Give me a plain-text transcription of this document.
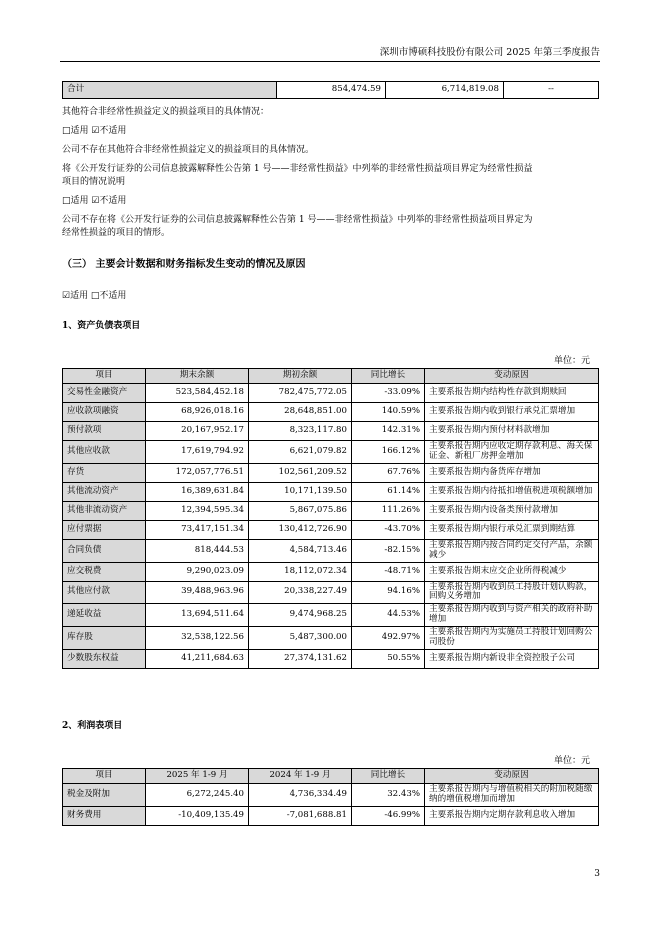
深圳市博硕科技股份有限公司 2025 年第三季度报告
合计	854,474.59	6,714,819.08	--
其他符合非经常性损益定义的损益项目的具体情况：
□适用 ☑不适用
公司不存在其他符合非经常性损益定义的损益项目的具体情况。
将《公开发行证券的公司信息披露解释性公告第 1 号——非经常性损益》中列举的非经常性损益项目界定为经常性损益
项目的情况说明
□适用 ☑不适用
公司不存在将《公开发行证券的公司信息披露解释性公告第 1 号——非经常性损益》中列举的非经常性损益项目界定为
经常性损益的项目的情形。
（三） 主要会计数据和财务指标发生变动的情况及原因
☑适用 □不适用
1、资产负债表项目
单位：元
项目	期末余额	期初余额	同比增长	变动原因
交易性金融资产	523,584,452.18	782,475,772.05	-33.09%	主要系报告期内结构性存款到期赎回
应收款项融资	68,926,018.16	28,648,851.00	140.59%	主要系报告期内收到银行承兑汇票增加
预付款项	20,167,952.17	8,323,117.80	142.31%	主要系报告期内预付材料款增加
其他应收款	17,619,794.92	6,621,079.82	166.12%	主要系报告期内应收定期存款利息、海关保证金、新租厂房押金增加
存货	172,057,776.51	102,561,209.52	67.76%	主要系报告期内备货库存增加
其他流动资产	16,389,631.84	10,171,139.50	61.14%	主要系报告期内待抵扣增值税进项税额增加
其他非流动资产	12,394,595.34	5,867,075.86	111.26%	主要系报告期内设备类预付款增加
应付票据	73,417,151.34	130,412,726.90	-43.70%	主要系报告期内银行承兑汇票到期结算
合同负债	818,444.53	4,584,713.46	-82.15%	主要系报告期内按合同约定交付产品，余额减少
应交税费	9,290,023.09	18,112,072.34	-48.71%	主要系报告期末应交企业所得税减少
其他应付款	39,488,963.96	20,338,227.49	94.16%	主要系报告期内收到员工持股计划认购款，回购义务增加
递延收益	13,694,511.64	9,474,968.25	44.53%	主要系报告期内收到与资产相关的政府补助增加
库存股	32,538,122.56	5,487,300.00	492.97%	主要系报告期内为实施员工持股计划回购公司股份
少数股东权益	41,211,684.63	27,374,131.62	50.55%	主要系报告期内新设非全资控股子公司
2、利润表项目
单位：元
项目	2025 年 1-9 月	2024 年 1-9 月	同比增长	变动原因
税金及附加	6,272,245.40	4,736,334.49	32.43%	主要系报告期内与增值税相关的附加税随缴纳的增值税增加而增加
财务费用	-10,409,135.49	-7,081,688.81	-46.99%	主要系报告期内定期存款利息收入增加
3
